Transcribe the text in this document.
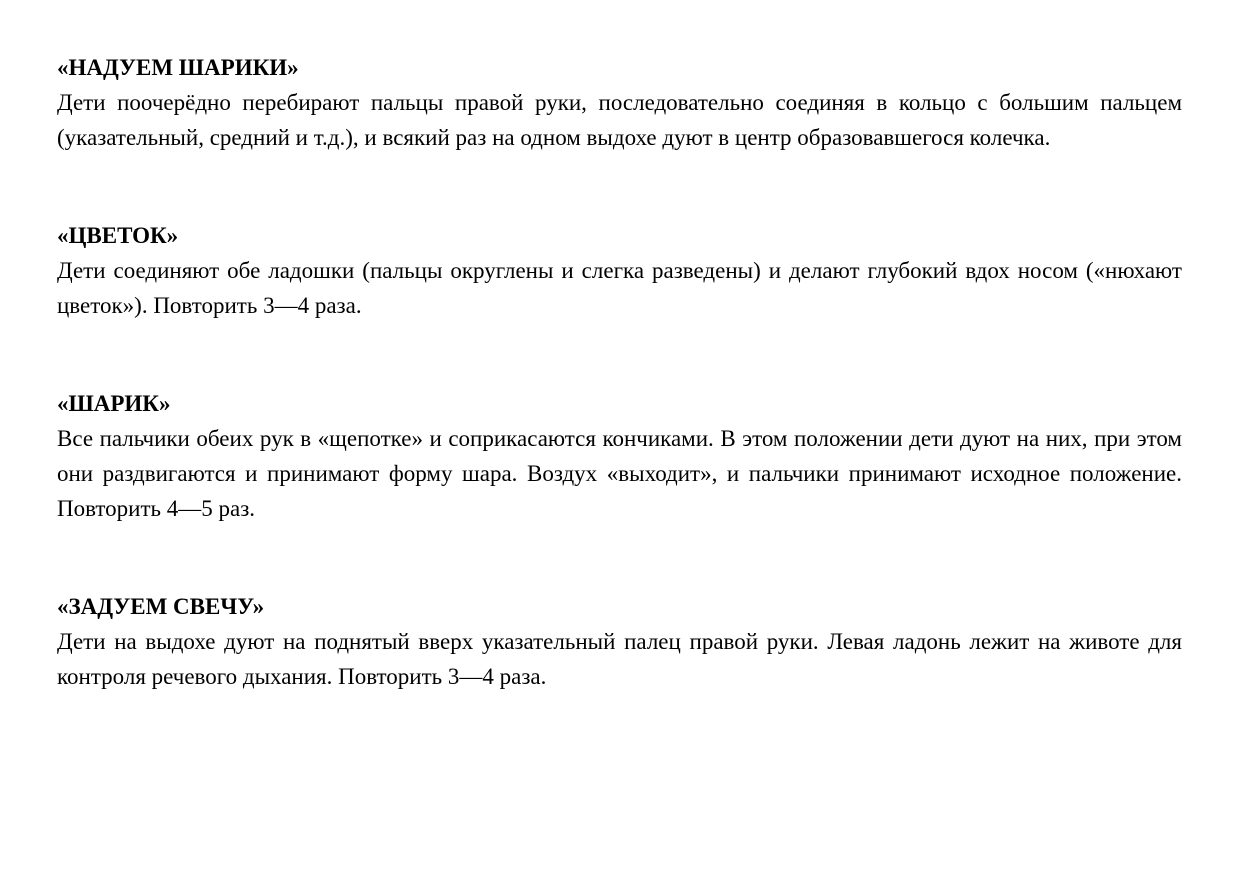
«НАДУЕМ ШАРИКИ»
Дети поочерёдно перебирают пальцы правой руки, последовательно соединяя в кольцо с большим пальцем (указательный, средний и т.д.), и всякий раз на одном выдохе дуют в центр образовавшегося колечка.
«ЦВЕТОК»
Дети соединяют обе ладошки (пальцы округлены и слегка разведены) и делают глубокий вдох носом («нюхают цветок»). Повторить 3—4 раза.
«ШАРИК»
Все пальчики обеих рук в «щепотке» и соприкасаются кончиками. В этом положении дети дуют на них, при этом они раздвигаются и принимают форму шара. Воздух «выходит», и пальчики принимают исходное положение. Повторить 4—5 раз.
«ЗАДУЕМ СВЕЧУ»
Дети на выдохе дуют на поднятый вверх указательный палец правой руки. Левая ладонь лежит на животе для контроля речевого дыхания. Повторить 3—4 раза.
